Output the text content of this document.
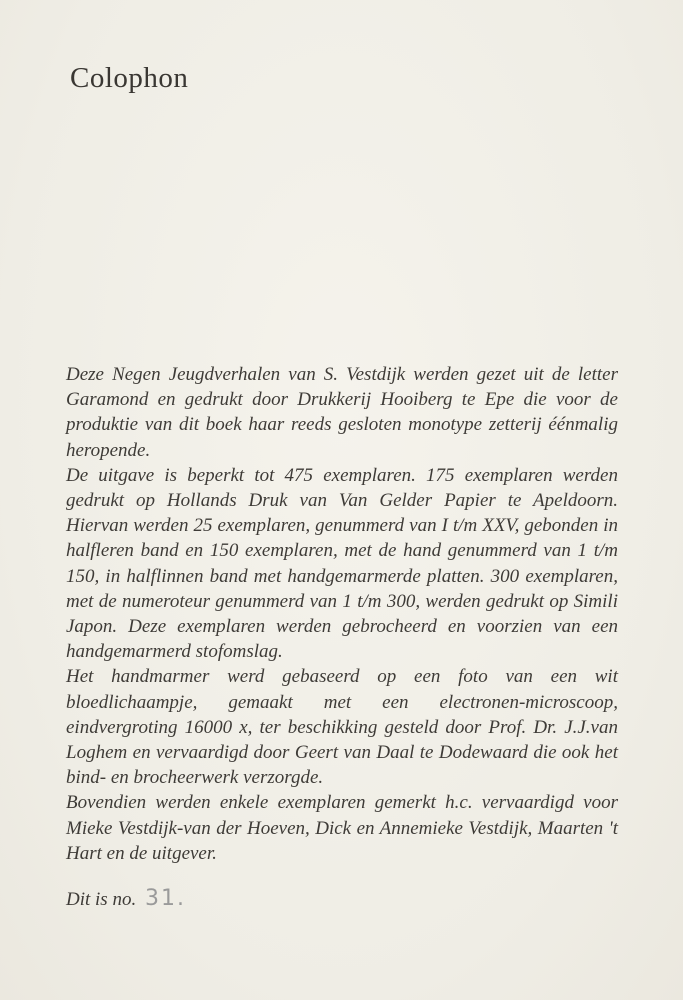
Colophon

Deze Negen Jeugdverhalen van S. Vestdijk werden gezet uit de letter Garamond en gedrukt door Drukkerij Hooiberg te Epe die voor de produktie van dit boek haar reeds gesloten monotype zetterij éénmalig heropende.

De uitgave is beperkt tot 475 exemplaren. 175 exemplaren werden gedrukt op Hollands Druk van Van Gelder Papier te Apeldoorn. Hiervan werden 25 exemplaren, genummerd van I t/m XXV, gebonden in halfleren band en 150 exemplaren, met de hand genummerd van 1 t/m 150, in halflinnen band met handgemarmerde platten. 300 exemplaren, met de numeroteur genummerd van 1 t/m 300, werden gedrukt op Simili Japon. Deze exemplaren werden gebrocheerd en voorzien van een handgemarmerd stofomslag.

Het handmarmer werd gebaseerd op een foto van een wit bloedlichaampje, gemaakt met een electronen-microscoop, eindvergroting 16000 x, ter beschikking gesteld door Prof. Dr. J.J.van Loghem en vervaardigd door Geert van Daal te Dodewaard die ook het bind- en brocheerwerk verzorgde.

Bovendien werden enkele exemplaren gemerkt h.c. vervaardigd voor Mieke Vestdijk-van der Hoeven, Dick en Annemieke Vestdijk, Maarten 't Hart en de uitgever.

Dit is no. 31.
